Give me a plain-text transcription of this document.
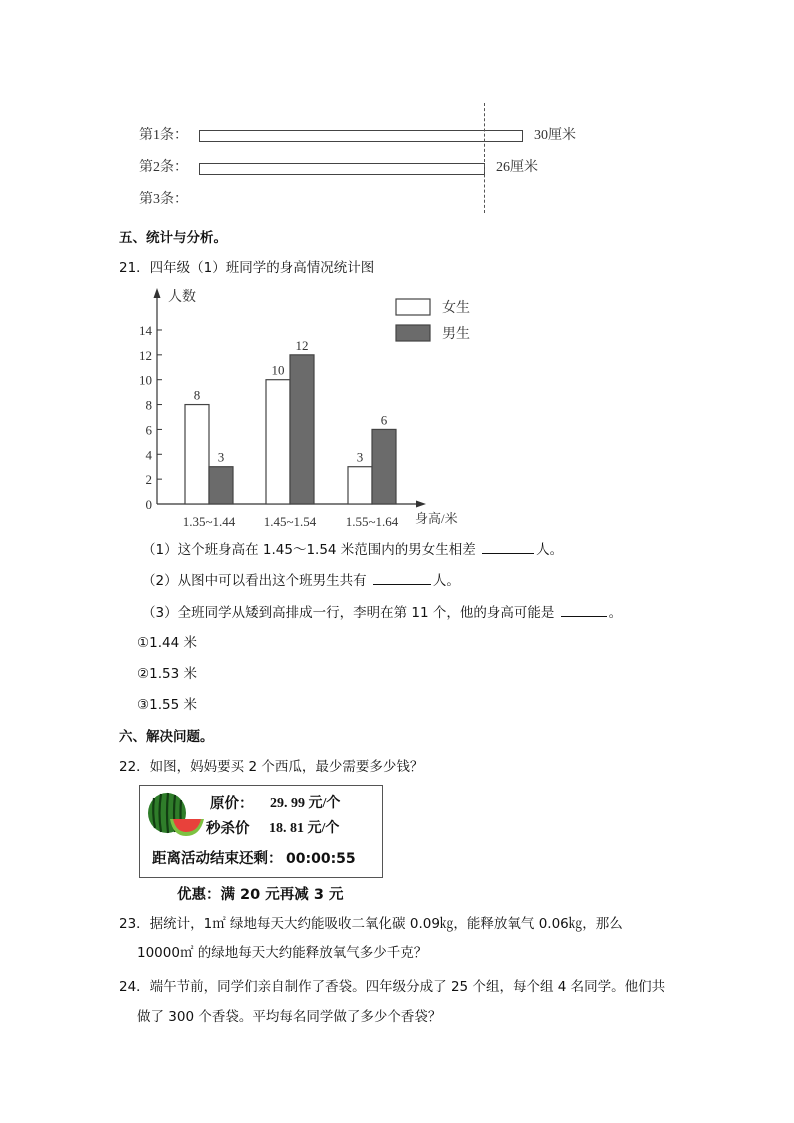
第1条：	30厘米
第2条：	26厘米
第3条：
五、统计与分析。
21．四年级（1）班同学的身高情况统计图
人数
身高/米
0
2
4
6
8
10
12
14
8
3
1.35~1.44
10
12
1.45~1.54
3
6
1.55~1.64
女生
男生
（1）这个班身高在 1.45～1.54 米范围内的男女生相差	人。
（2）从图中可以看出这个班男生共有	人。
（3）全班同学从矮到高排成一行，李明在第 11 个，他的身高可能是	。
①1.44 米
②1.53 米
③1.55 米
六、解决问题。
22．如图，妈妈要买 2 个西瓜，最少需要多少钱？
原价： 29. 99 元/个
秒杀价 18. 81 元/个
距离活动结束还剩： 00:00:55
优惠：满 20 元再减 3 元
23．据统计，1㎡ 绿地每天大约能吸收二氧化碳 0.09㎏，能释放氧气 0.06㎏，那么
10000㎡ 的绿地每天大约能释放氧气多少千克？
24．端午节前，同学们亲自制作了香袋。四年级分成了 25 个组，每个组 4 名同学。他们共
做了 300 个香袋。平均每名同学做了多少个香袋？
